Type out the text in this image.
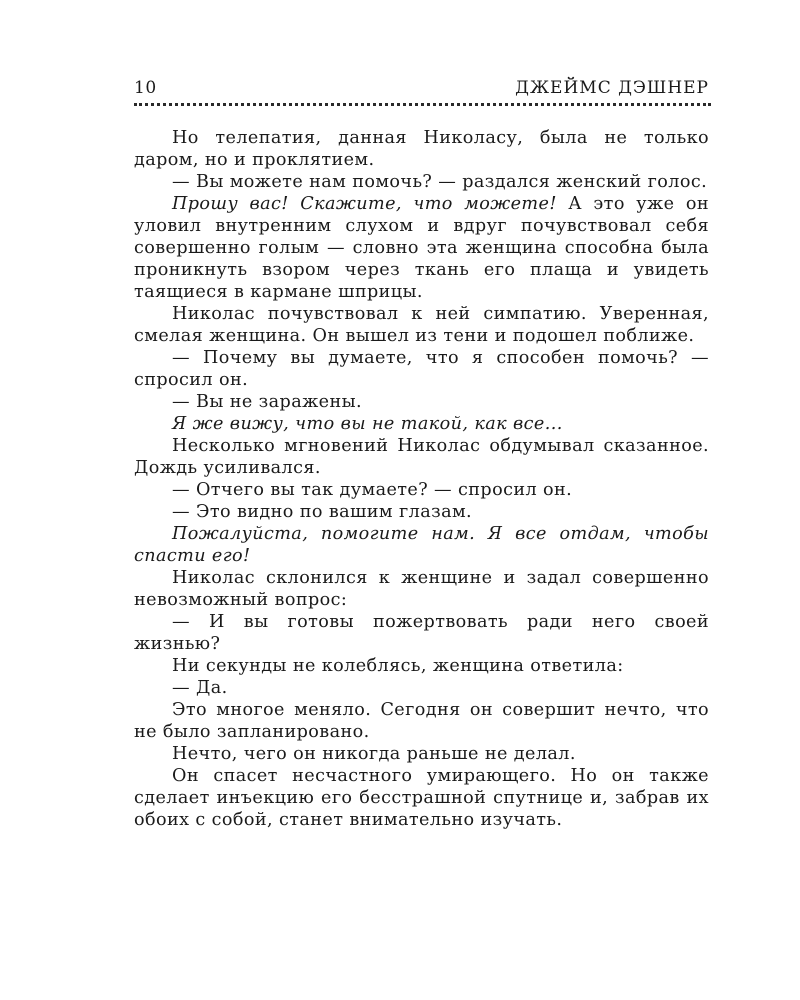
10	ДЖЕЙМС ДЭШНЕР

Но телепатия, данная Николасу, была не только даром, но и проклятием.

— Вы можете нам помочь? — раздался женский голос.

Прошу вас! Скажите, что можете! А это уже он уловил внутренним слухом и вдруг почувствовал себя совершенно голым — словно эта женщина способна была проникнуть взором через ткань его плаща и увидеть таящиеся в кармане шприцы.

Николас почувствовал к ней симпатию. Уверенная, смелая женщина. Он вышел из тени и подошел поближе.

— Почему вы думаете, что я способен помочь? — спросил он.

— Вы не заражены.

Я же вижу, что вы не такой, как все...

Несколько мгновений Николас обдумывал сказанное. Дождь усиливался.

— Отчего вы так думаете? — спросил он.

— Это видно по вашим глазам.

Пожалуйста, помогите нам. Я все отдам, чтобы спасти его!

Николас склонился к женщине и задал совершенно невозможный вопрос:

— И вы готовы пожертвовать ради него своей жизнью?

Ни секунды не колеблясь, женщина ответила:

— Да.

Это многое меняло. Сегодня он совершит нечто, что не было запланировано.

Нечто, чего он никогда раньше не делал.

Он спасет несчастного умирающего. Но он также сделает инъекцию его бесстрашной спутнице и, забрав их обоих с собой, станет внимательно изучать.
